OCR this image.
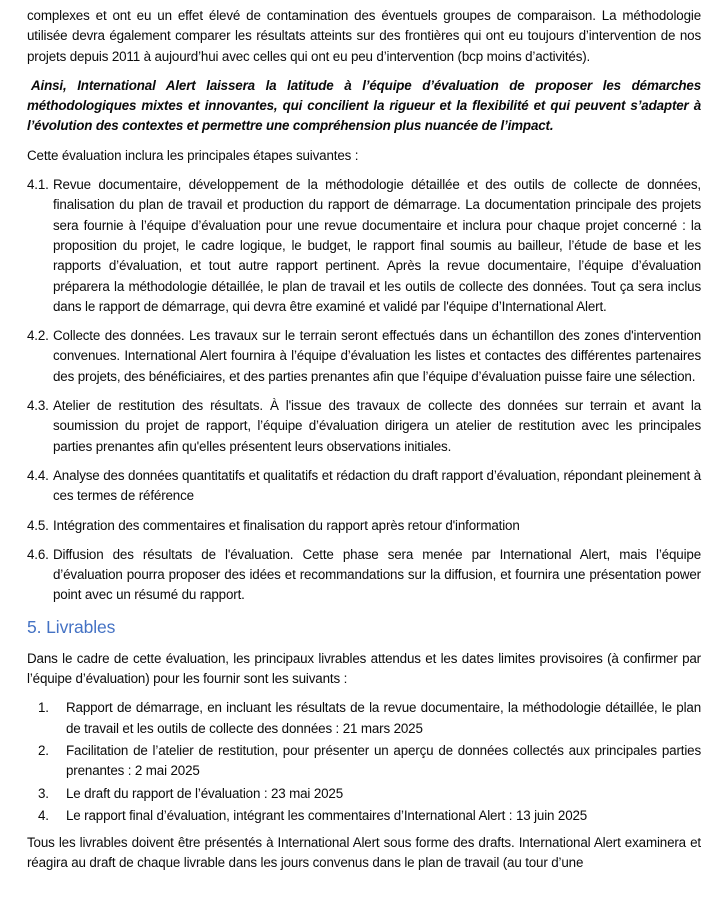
complexes et ont eu un effet élevé de contamination des éventuels groupes de comparaison. La méthodologie utilisée devra également comparer les résultats atteints sur des frontières qui ont eu toujours d’intervention de nos projets depuis 2011 à aujourd’hui avec celles qui ont eu peu d’intervention (bcp moins d’activités).

Ainsi, International Alert laissera la latitude à l’équipe d’évaluation de proposer les démarches méthodologiques mixtes et innovantes, qui concilient la rigueur et la flexibilité et qui peuvent s’adapter à l’évolution des contextes et permettre une compréhension plus nuancée de l’impact.

Cette évaluation inclura les principales étapes suivantes :

4.1. Revue documentaire, développement de la méthodologie détaillée et des outils de collecte de données, finalisation du plan de travail et production du rapport de démarrage. La documentation principale des projets sera fournie à l’équipe d’évaluation pour une revue documentaire et inclura pour chaque projet concerné : la proposition du projet, le cadre logique, le budget, le rapport final soumis au bailleur, l’étude de base et les rapports d’évaluation, et tout autre rapport pertinent. Après la revue documentaire, l’équipe d’évaluation préparera la méthodologie détaillée, le plan de travail et les outils de collecte des données. Tout ça sera inclus dans le rapport de démarrage, qui devra être examiné et validé par l'équipe d’International Alert.
4.2. Collecte des données. Les travaux sur le terrain seront effectués dans un échantillon des zones d'intervention convenues. International Alert fournira à l’équipe d’évaluation les listes et contactes des différentes partenaires des projets, des bénéficiaires, et des parties prenantes afin que l’équipe d’évaluation puisse faire une sélection.
4.3. Atelier de restitution des résultats. À l'issue des travaux de collecte des données sur terrain et avant la soumission du projet de rapport, l’équipe d’évaluation dirigera un atelier de restitution avec les principales parties prenantes afin qu'elles présentent leurs observations initiales.
4.4. Analyse des données quantitatifs et qualitatifs et rédaction du draft rapport d’évaluation, répondant pleinement à ces termes de référence
4.5. Intégration des commentaires et finalisation du rapport après retour d'information
4.6. Diffusion des résultats de l'évaluation. Cette phase sera menée par International Alert, mais l’équipe d’évaluation pourra proposer des idées et recommandations sur la diffusion, et fournira une présentation power point avec un résumé du rapport.
5. Livrables

Dans le cadre de cette évaluation, les principaux livrables attendus et les dates limites provisoires (à confirmer par l’équipe d’évaluation) pour les fournir sont les suivants :

1. Rapport de démarrage, en incluant les résultats de la revue documentaire, la méthodologie détaillée, le plan de travail et les outils de collecte des données : 21 mars 2025
2. Facilitation de l’atelier de restitution, pour présenter un aperçu de données collectés aux principales parties prenantes : 2 mai 2025
3. Le draft du rapport de l’évaluation : 23 mai 2025
4. Le rapport final d’évaluation, intégrant les commentaires d’International Alert : 13 juin 2025

Tous les livrables doivent être présentés à International Alert sous forme des drafts. International Alert examinera et réagira au draft de chaque livrable dans les jours convenus dans le plan de travail (au tour d’une
